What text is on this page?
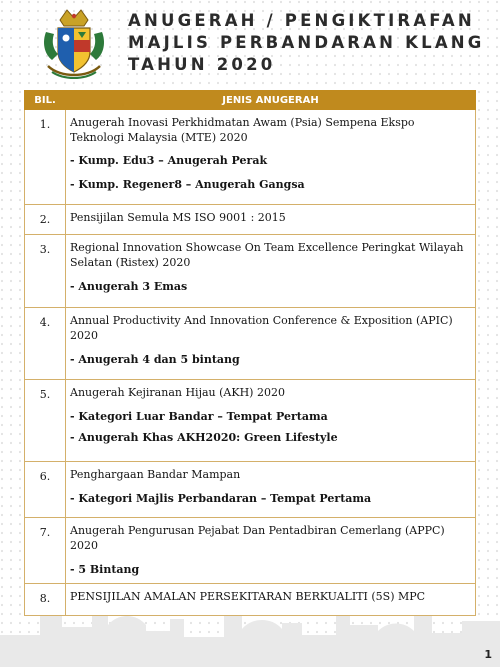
ANUGERAH / PENGIKTIRAFAN
MAJLIS PERBANDARAN KLANG
TAHUN 2020
BIL.	JENIS ANUGERAH
1.	Anugerah Inovasi Perkhidmatan Awam (Psia) Sempena Ekspo Teknologi Malaysia (MTE) 2020
- Kump. Edu3 – Anugerah Perak
- Kump. Regener8 – Anugerah Gangsa

2.	Pensijilan Semula MS ISO 9001 : 2015

3.	Regional Innovation Showcase On Team Excellence Peringkat Wilayah Selatan (Ristex) 2020
- Anugerah 3 Emas

4.	Annual Productivity And Innovation Conference & Exposition (APIC) 2020
- Anugerah 4 dan 5 bintang

5.	Anugerah Kejiranan Hijau (AKH) 2020
- Kategori Luar Bandar – Tempat Pertama
- Anugerah Khas AKH2020: Green Lifestyle

6.	Penghargaan Bandar Mampan
- Kategori Majlis Perbandaran – Tempat Pertama

7.	Anugerah Pengurusan Pejabat Dan Pentadbiran Cemerlang (APPC) 2020
- 5 Bintang

8.	PENSIJILAN AMALAN PERSEKITARAN BERKUALITI (5S) MPC
1
